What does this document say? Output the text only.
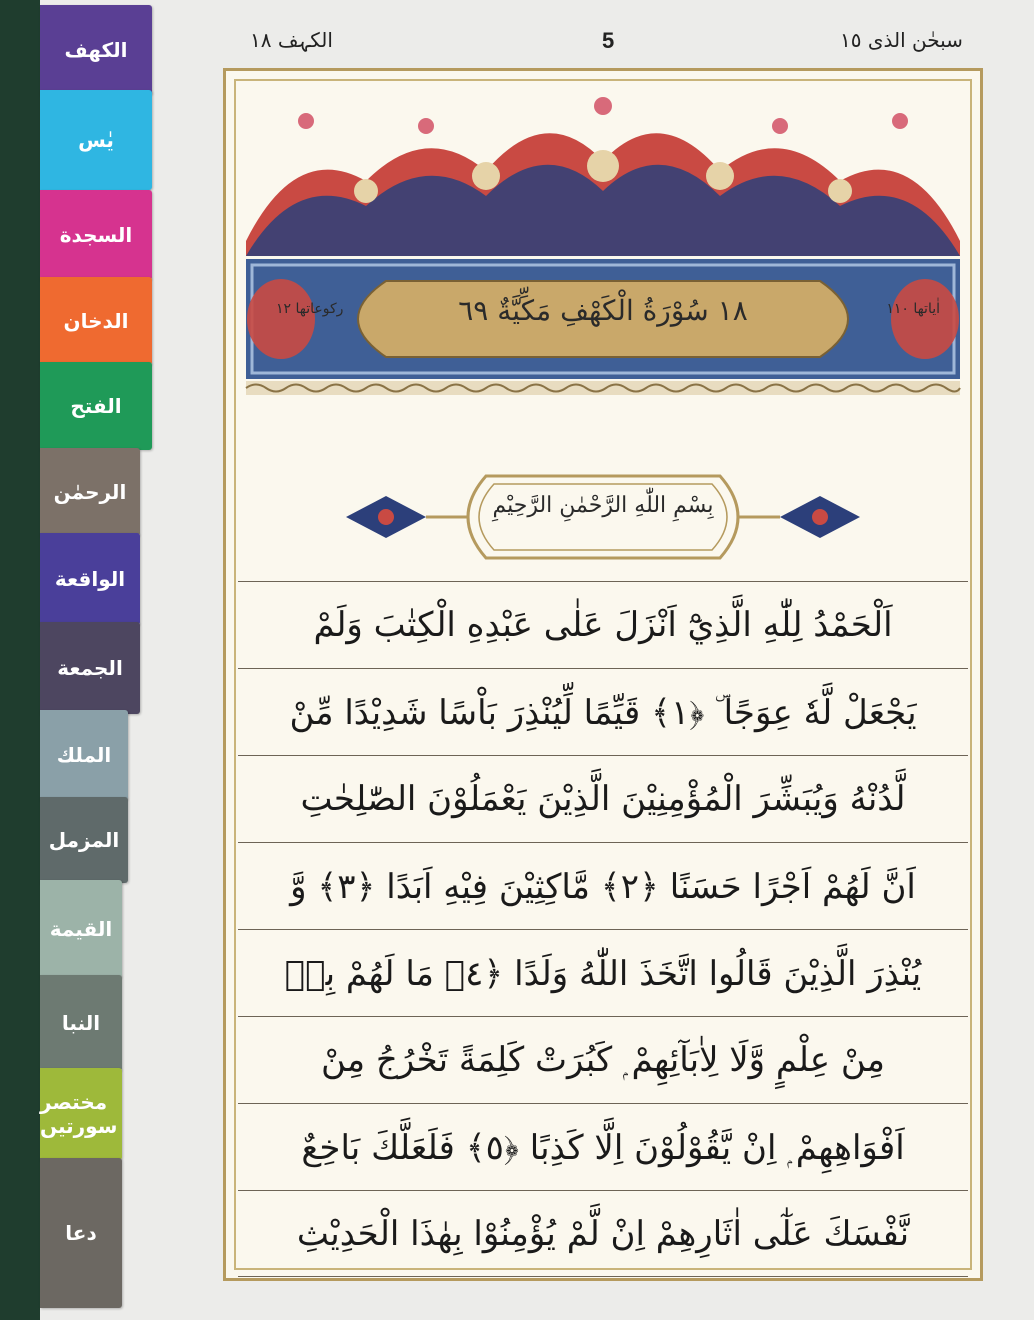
الکھف
یٰس
السجدة
الدخان
الفتح
الرحمٰن
الواقعة
الجمعة
الملك
المزمل
القيمة
النبا
مختصر سورتیں
دعا
سبحٰن الذی ١٥
5
الکہف ١٨
١٨ سُوْرَةُ الْكَهْفِ مَكِّيَّةٌ ٦٩
ركوعاتها ١٢	اٰياتها ١١٠
بِسْمِ اللّٰهِ الرَّحْمٰنِ الرَّحِيْمِ
اَلْحَمْدُ لِلّٰهِ الَّذِيْٓ اَنْزَلَ عَلٰى عَبْدِهِ الْكِتٰبَ وَلَمْ
يَجْعَلْ لَّهٗ عِوَجًا ۜ ﴿١﴾ قَيِّمًا لِّيُنْذِرَ بَاْسًا شَدِيْدًا مِّنْ
لَّدُنْهُ وَيُبَشِّرَ الْمُؤْمِنِيْنَ الَّذِيْنَ يَعْمَلُوْنَ الصّٰلِحٰتِ
اَنَّ لَهُمْ اَجْرًا حَسَنًا ﴿٢﴾ مَّاكِثِيْنَ فِيْهِ اَبَدًا ﴿٣﴾ وَّ
يُنْذِرَ الَّذِيْنَ قَالُوا اتَّخَذَ اللّٰهُ وَلَدًا ﴿٤﴾ مَا لَهُمْ بِهٖ
مِنْ عِلْمٍ وَّلَا لِاٰبَآئِهِمْ ۭ كَبُرَتْ كَلِمَةً تَخْرُجُ مِنْ
اَفْوَاهِهِمْ ۭ اِنْ يَّقُوْلُوْنَ اِلَّا كَذِبًا ﴿٥﴾ فَلَعَلَّكَ بَاخِعٌ
نَّفْسَكَ عَلٰٓى اٰثَارِهِمْ اِنْ لَّمْ يُؤْمِنُوْا بِهٰذَا الْحَدِيْثِ
